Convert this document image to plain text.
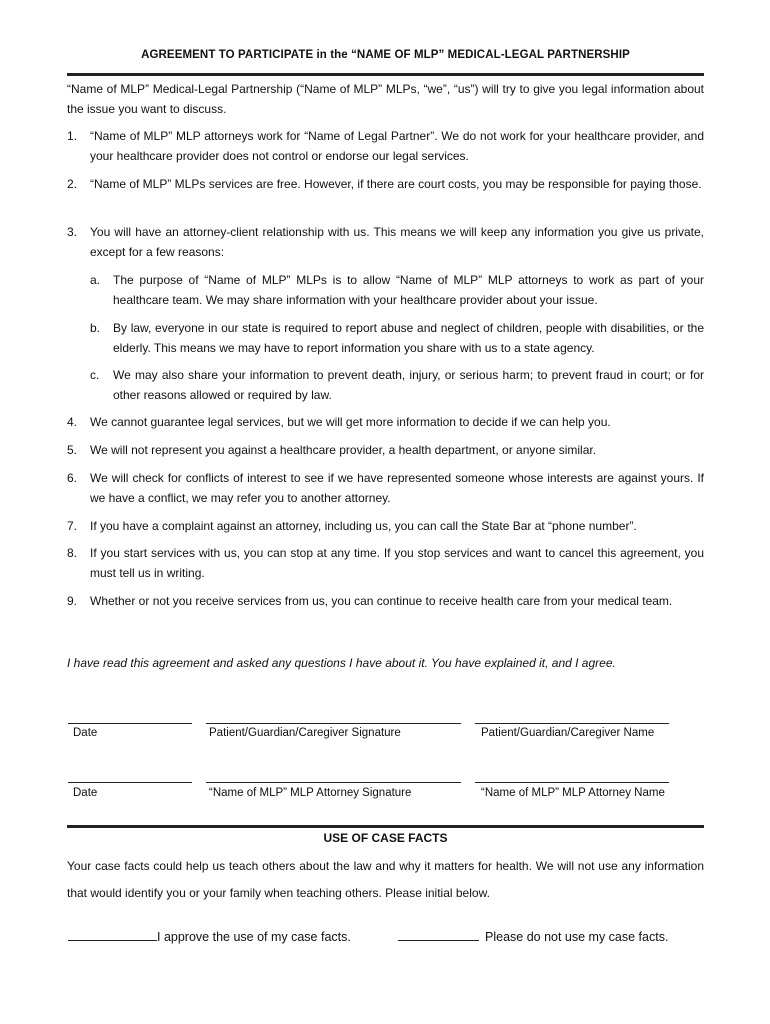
AGREEMENT TO PARTICIPATE in the “NAME OF MLP” MEDICAL-LEGAL PARTNERSHIP
“Name of MLP” Medical-Legal Partnership (“Name of MLP” MLPs, “we”, “us”) will try to give you legal information about the issue you want to discuss.
1.	“Name of MLP” MLP attorneys work for “Name of Legal Partner”. We do not work for your healthcare provider, and your healthcare provider does not control or endorse our legal services.
2.	“Name of MLP” MLPs services are free. However, if there are court costs, you may be responsible for paying those.
3.	You will have an attorney-client relationship with us. This means we will keep any information you give us private, except for a few reasons:
a.	The purpose of “Name of MLP” MLPs is to allow “Name of MLP” MLP attorneys to work as part of your healthcare team. We may share information with your healthcare provider about your issue.
b.	By law, everyone in our state is required to report abuse and neglect of children, people with disabilities, or the elderly. This means we may have to report information you share with us to a state agency.
c.	We may also share your information to prevent death, injury, or serious harm; to prevent fraud in court; or for other reasons allowed or required by law.
4.	We cannot guarantee legal services, but we will get more information to decide if we can help you.
5.	We will not represent you against a healthcare provider, a health department, or anyone similar.
6.	We will check for conflicts of interest to see if we have represented someone whose interests are against yours. If we have a conflict, we may refer you to another attorney.
7.	If you have a complaint against an attorney, including us, you can call the State Bar at “phone number”.
8.	If you start services with us, you can stop at any time. If you stop services and want to cancel this agreement, you must tell us in writing.
9.	Whether or not you receive services from us, you can continue to receive health care from your medical team.
I have read this agreement and asked any questions I have about it. You have explained it, and I agree.
Date	Patient/Guardian/Caregiver Signature	Patient/Guardian/Caregiver Name
Date	“Name of MLP” MLP Attorney Signature	“Name of MLP” MLP Attorney Name
USE OF CASE FACTS
Your case facts could help us teach others about the law and why it matters for health. We will not use any information that would identify you or your family when teaching others. Please initial below.
I approve the use of my case facts.	Please do not use my case facts.
